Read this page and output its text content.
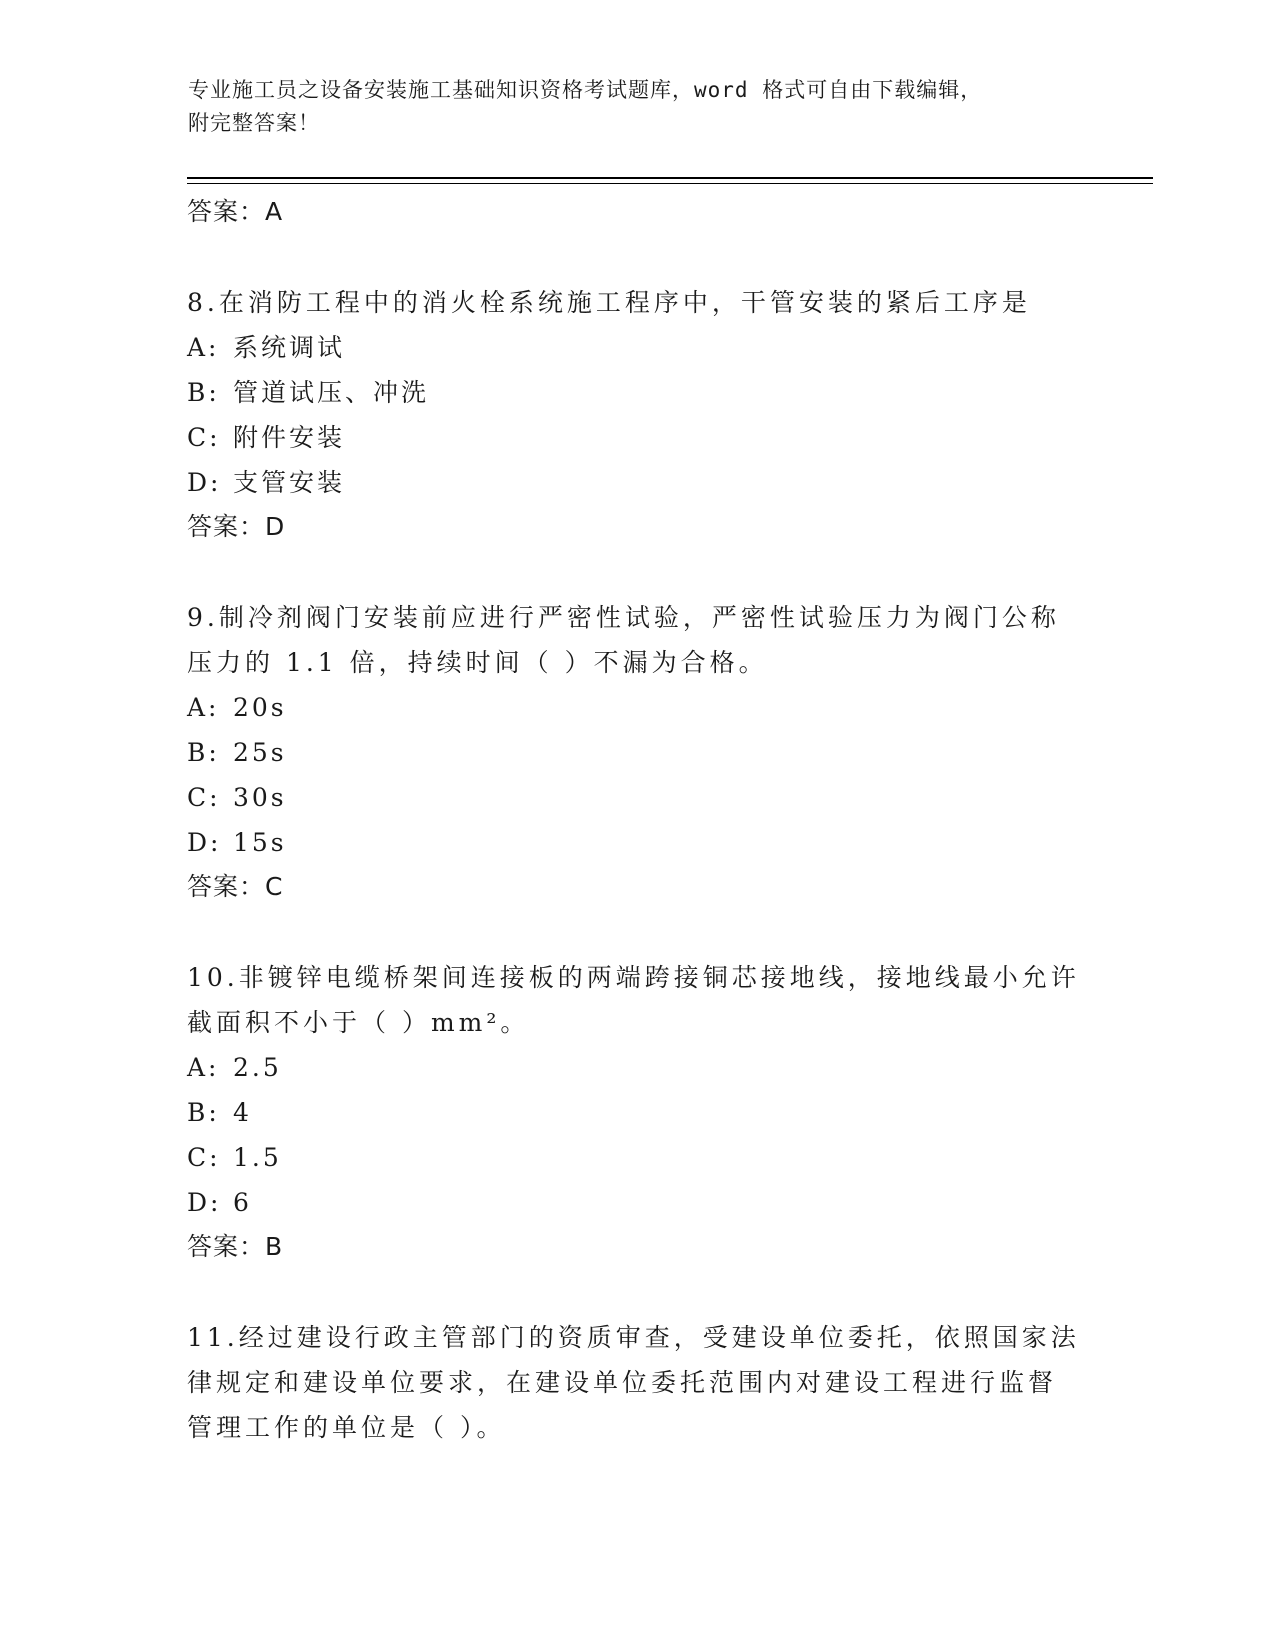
专业施工员之设备安装施工基础知识资格考试题库，word 格式可自由下载编辑，
附完整答案！
答案：A
8.在消防工程中的消火栓系统施工程序中，干管安装的紧后工序是
A: 系统调试
B: 管道试压、冲洗
C: 附件安装
D: 支管安装
答案：D
9.制冷剂阀门安装前应进行严密性试验，严密性试验压力为阀门公称
压力的 1.1 倍，持续时间（ ）不漏为合格。
A: 20s
B: 25s
C: 30s
D: 15s
答案：C
10.非镀锌电缆桥架间连接板的两端跨接铜芯接地线，接地线最小允许
截面积不小于（ ）mm²。
A: 2.5
B: 4
C: 1.5
D: 6
答案：B
11.经过建设行政主管部门的资质审查，受建设单位委托，依照国家法
律规定和建设单位要求，在建设单位委托范围内对建设工程进行监督
管理工作的单位是（ ）。
